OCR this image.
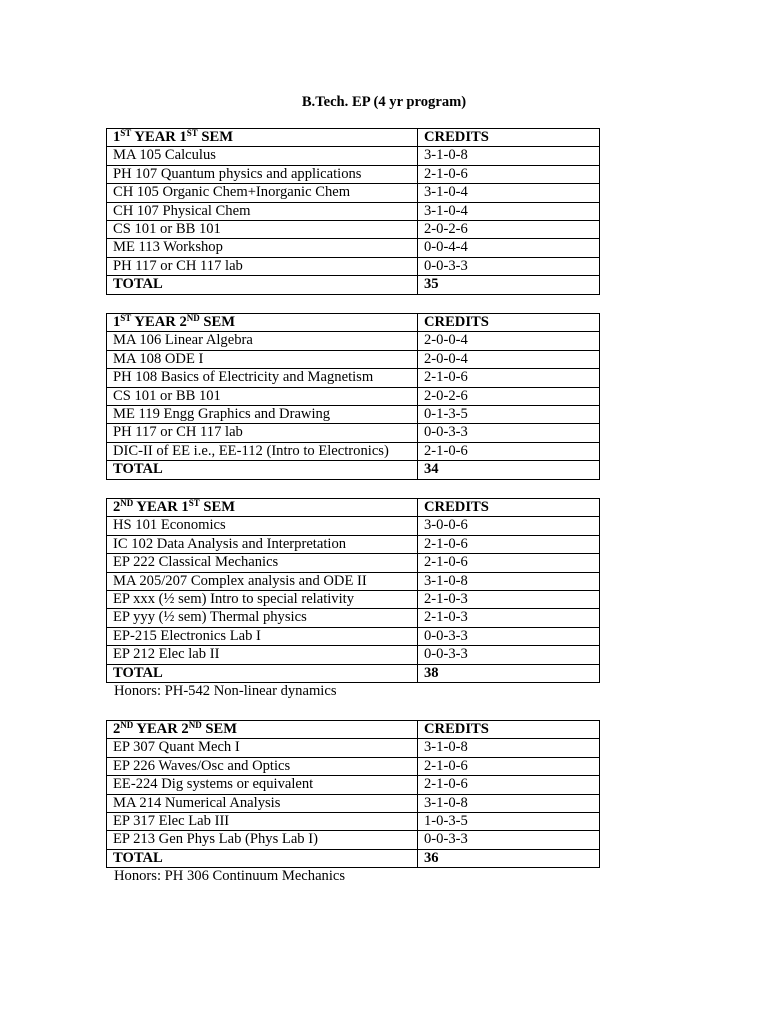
B.Tech. EP (4 yr program)
1ST YEAR 1ST SEM	CREDITS
MA 105 Calculus	3-1-0-8
PH 107 Quantum physics and applications	2-1-0-6
CH 105 Organic Chem+Inorganic Chem	3-1-0-4
CH 107 Physical Chem	3-1-0-4
CS 101 or BB 101	2-0-2-6
ME 113 Workshop	0-0-4-4
PH 117 or CH 117 lab	0-0-3-3
TOTAL	35
1ST YEAR 2ND SEM	CREDITS
MA 106 Linear Algebra	2-0-0-4
MA 108 ODE I	2-0-0-4
PH 108 Basics of Electricity and Magnetism	2-1-0-6
CS 101 or BB 101	2-0-2-6
ME 119 Engg Graphics and Drawing	0-1-3-5
PH 117 or CH 117 lab	0-0-3-3
DIC-II of EE i.e., EE-112 (Intro to Electronics)	2-1-0-6
TOTAL	34
2ND YEAR 1ST SEM	CREDITS
HS 101 Economics	3-0-0-6
IC 102 Data Analysis and Interpretation	2-1-0-6
EP 222 Classical Mechanics	2-1-0-6
MA 205/207 Complex analysis and ODE II	3-1-0-8
EP xxx (½ sem) Intro to special relativity	2-1-0-3
EP yyy (½ sem) Thermal physics	2-1-0-3
EP-215 Electronics Lab I	0-0-3-3
EP 212 Elec lab II	0-0-3-3
TOTAL	38
Honors: PH-542 Non-linear dynamics
2ND YEAR 2ND SEM	CREDITS
EP 307 Quant Mech I	3-1-0-8
EP 226 Waves/Osc and Optics	2-1-0-6
EE-224 Dig systems or equivalent	2-1-0-6
MA 214 Numerical Analysis	3-1-0-8
EP 317 Elec Lab III	1-0-3-5
EP 213 Gen Phys Lab (Phys Lab I)	0-0-3-3
TOTAL	36
Honors: PH 306 Continuum Mechanics
